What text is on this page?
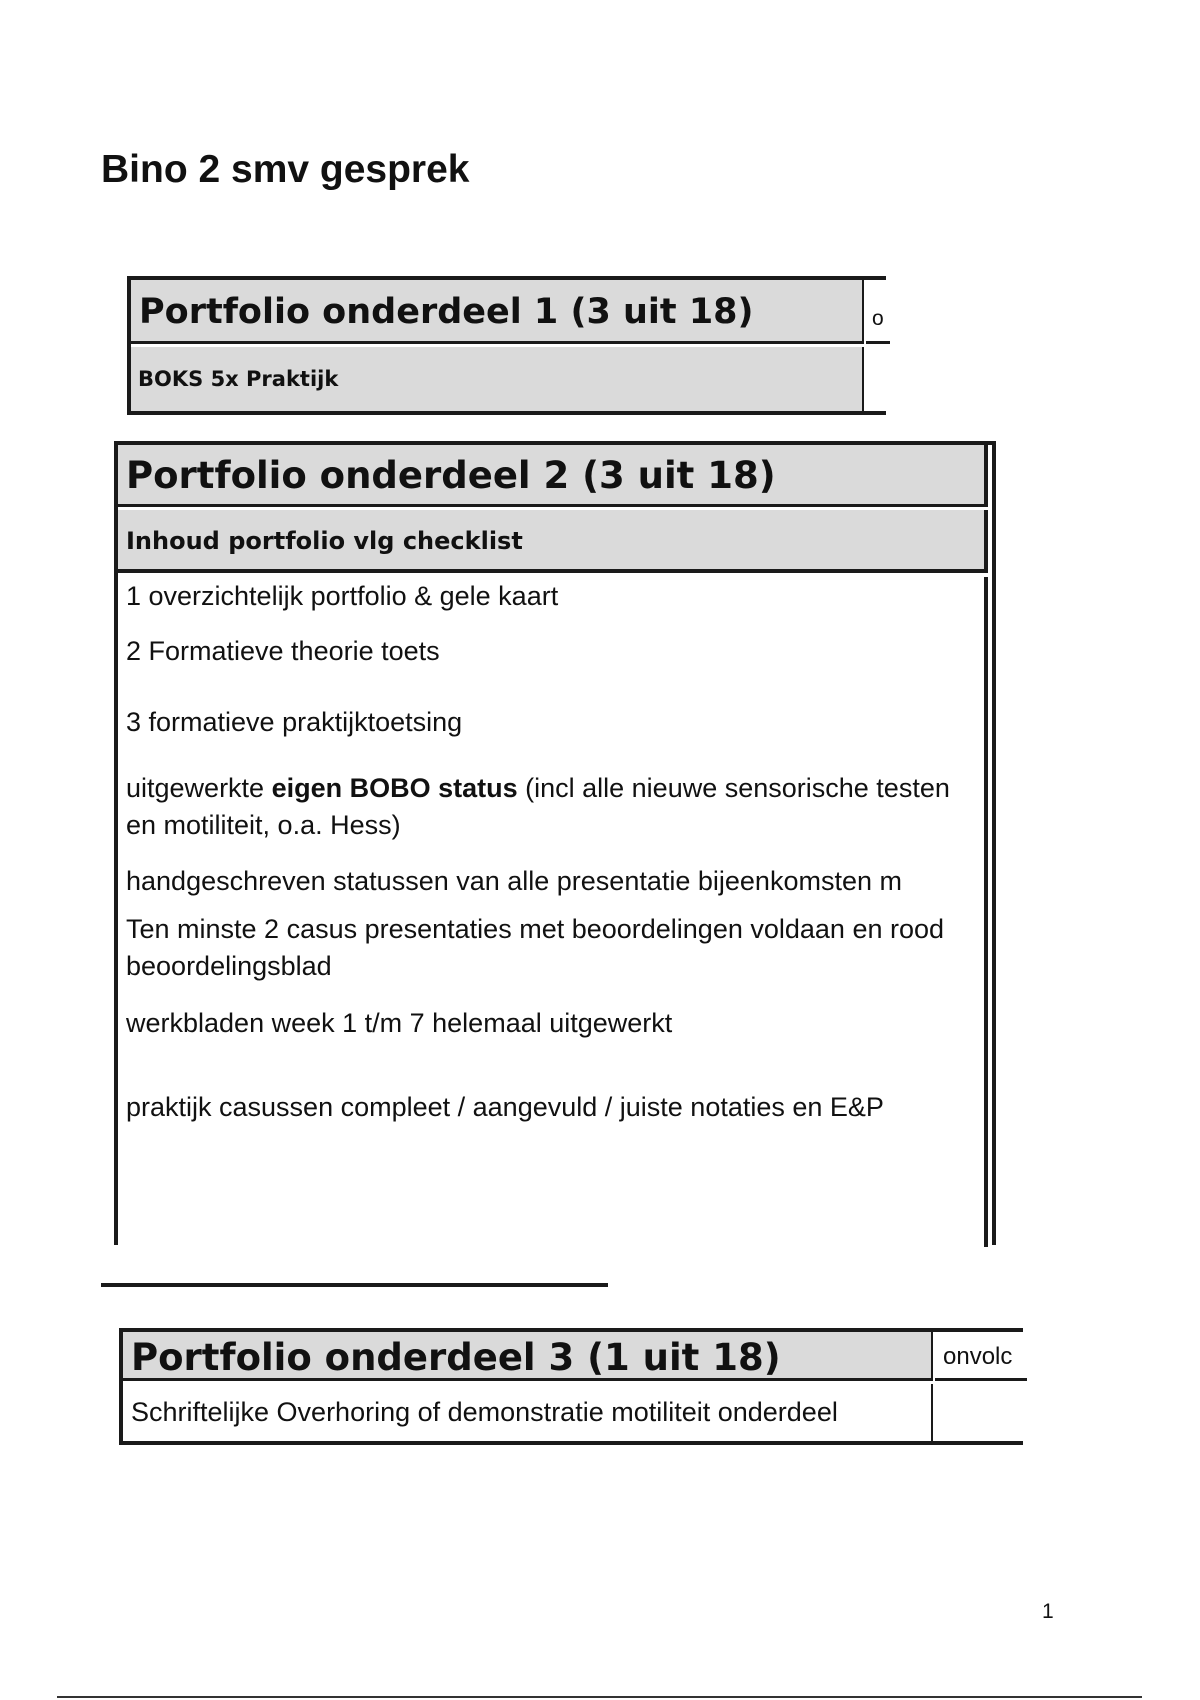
Bino 2 smv gesprek
Portfolio onderdeel 1 (3 uit 18)	o
BOKS 5x Praktijk
Portfolio onderdeel 2 (3 uit 18)
Inhoud portfolio vlg checklist
1 overzichtelijk portfolio & gele kaart
2 Formatieve theorie toets
3 formatieve praktijktoetsing
uitgewerkte eigen BOBO status (incl alle nieuwe sensorische testen en motiliteit, o.a. Hess)
handgeschreven statussen van alle presentatie bijeenkomsten m
Ten minste 2 casus presentaties met beoordelingen voldaan en rood beoordelingsblad
werkbladen week 1 t/m 7 helemaal uitgewerkt
praktijk casussen compleet / aangevuld / juiste notaties en E&P
Portfolio onderdeel 3 (1 uit 18)	onvolc
Schriftelijke Overhoring of demonstratie motiliteit onderdeel
1
